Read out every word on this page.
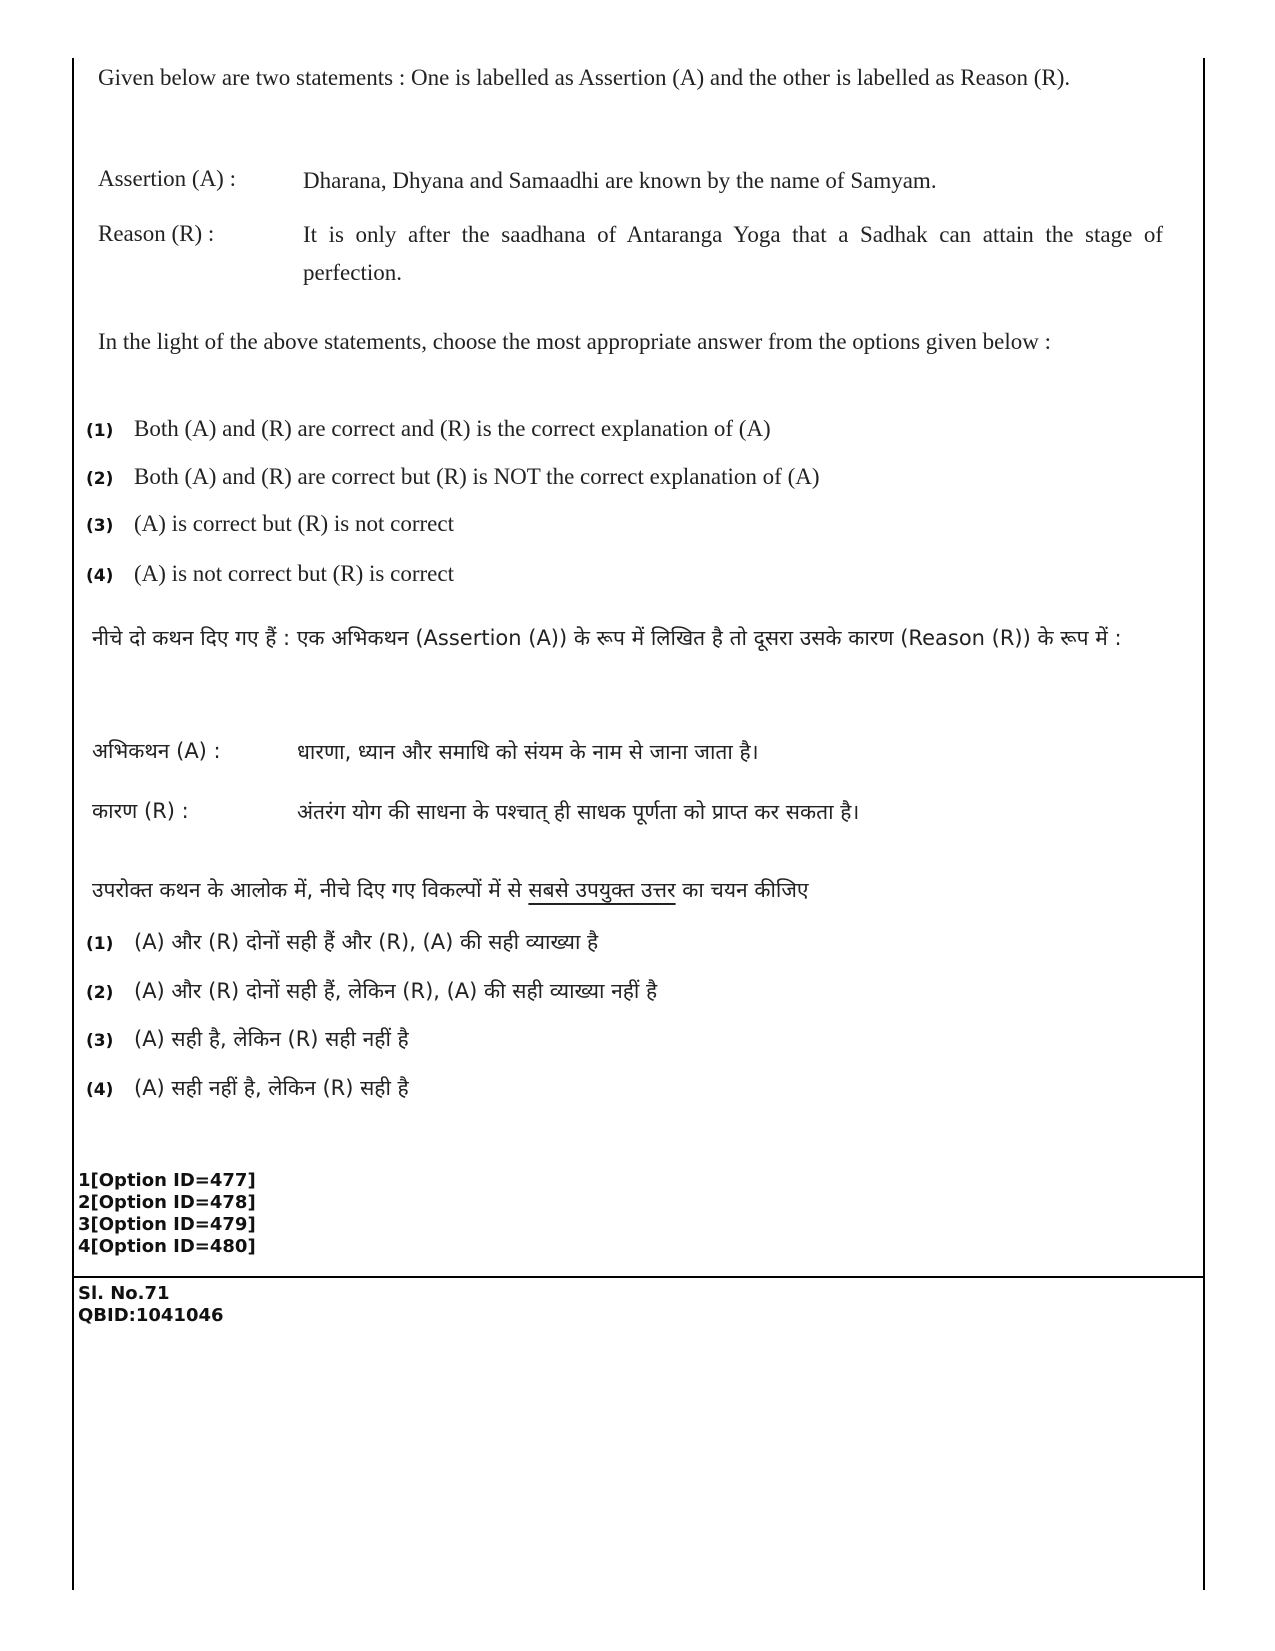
Given below are two statements : One is labelled as Assertion (A) and the other is labelled as Reason (R).
Assertion (A) :	Dharana, Dhyana and Samaadhi are known by the name of Samyam.
Reason (R) :	It is only after the saadhana of Antaranga Yoga that a Sadhak can attain the stage of perfection.
In the light of the above statements, choose the most appropriate answer from the options given below :
(1) Both (A) and (R) are correct and (R) is the correct explanation of (A)
(2) Both (A) and (R) are correct but (R) is NOT the correct explanation of (A)
(3) (A) is correct but (R) is not correct
(4) (A) is not correct but (R) is correct
नीचे दो कथन दिए गए हैं : एक अभिकथन (Assertion (A)) के रूप में लिखित है तो दूसरा उसके कारण (Reason (R)) के रूप में :
अभिकथन (A) :	धारणा, ध्यान और समाधि को संयम के नाम से जाना जाता है।
कारण (R) :	अंतरंग योग की साधना के पश्चात् ही साधक पूर्णता को प्राप्त कर सकता है।
उपरोक्त कथन के आलोक में, नीचे दिए गए विकल्पों में से सबसे उपयुक्त उत्तर का चयन कीजिए
(1) (A) और (R) दोनों सही हैं और (R), (A) की सही व्याख्या है
(2) (A) और (R) दोनों सही हैं, लेकिन (R), (A) की सही व्याख्या नहीं है
(3) (A) सही है, लेकिन (R) सही नहीं है
(4) (A) सही नहीं है, लेकिन (R) सही है
1[Option ID=477]
2[Option ID=478]
3[Option ID=479]
4[Option ID=480]
Sl. No.71
QBID:1041046
